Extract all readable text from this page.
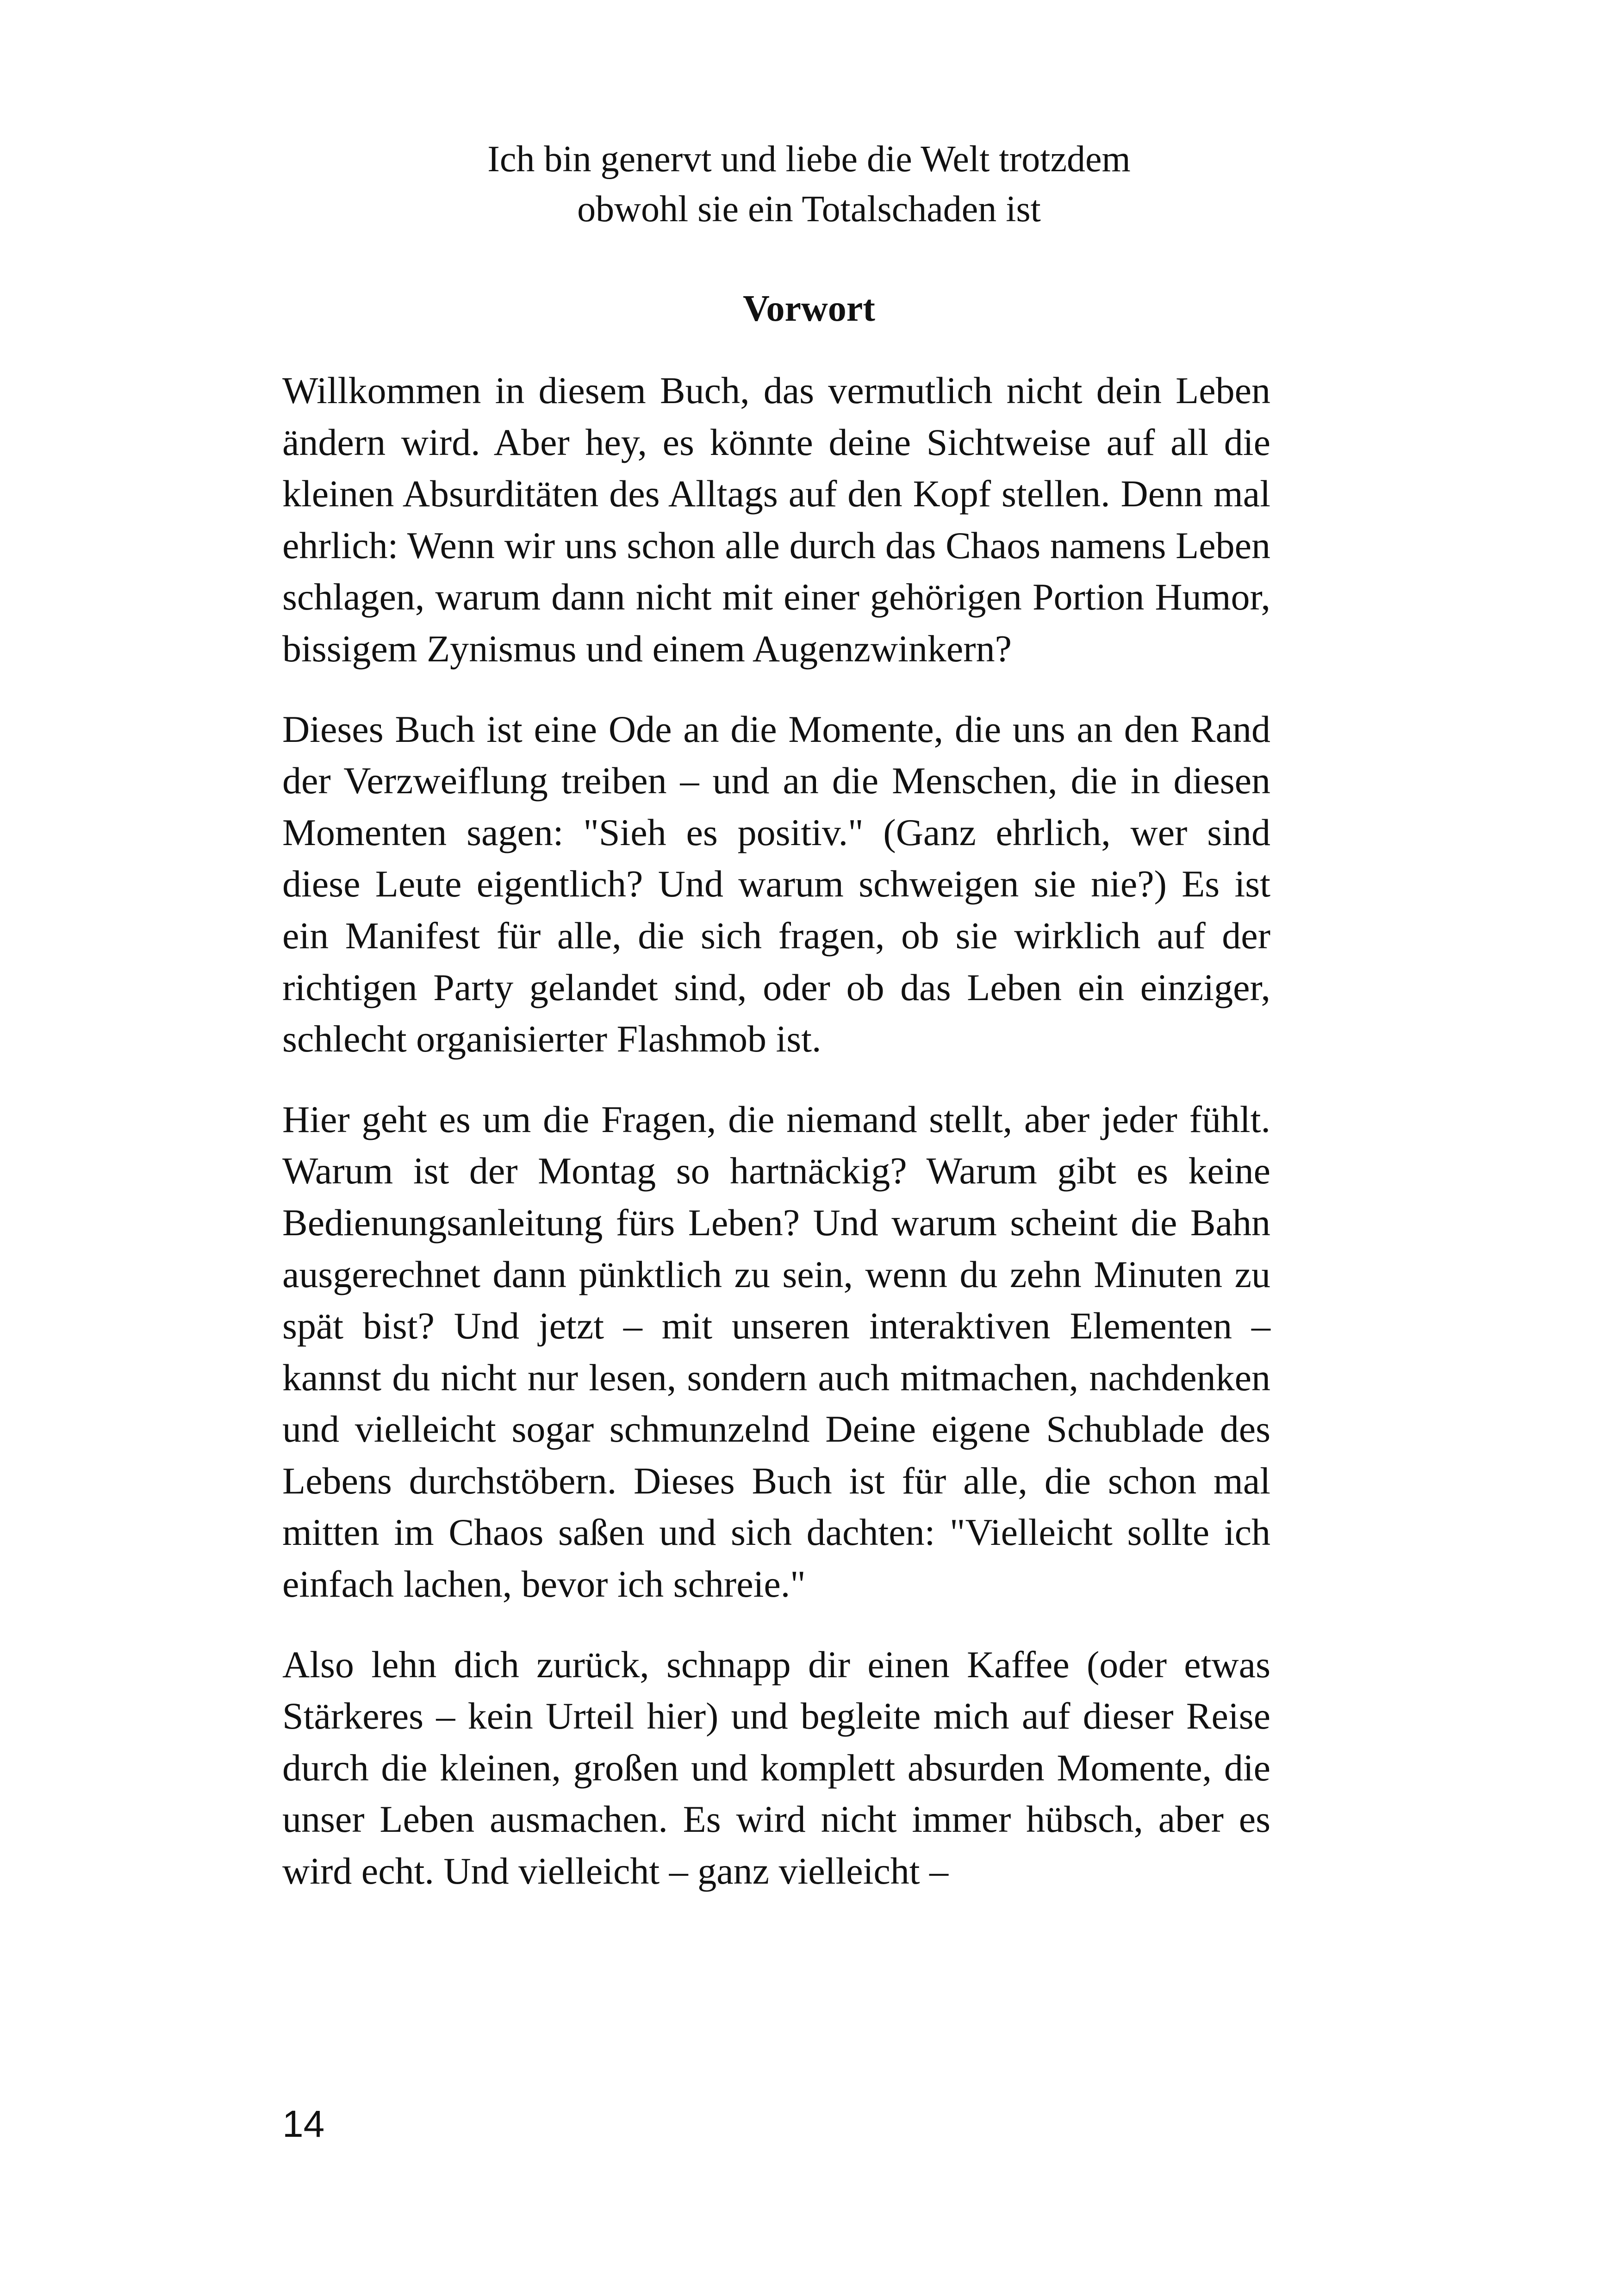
Ich bin genervt und liebe die Welt trotzdem
obwohl sie ein Totalschaden ist
Vorwort

Willkommen in diesem Buch, das vermutlich nicht dein Leben ändern wird. Aber hey, es könnte deine Sichtweise auf all die kleinen Absurditäten des Alltags auf den Kopf stellen. Denn mal ehrlich: Wenn wir uns schon alle durch das Chaos namens Leben schlagen, warum dann nicht mit einer gehörigen Portion Humor, bissigem Zynismus und einem Augenzwinkern?

Dieses Buch ist eine Ode an die Momente, die uns an den Rand der Verzweiflung treiben – und an die Menschen, die in diesen Momenten sagen: "Sieh es positiv." (Ganz ehrlich, wer sind diese Leute eigentlich? Und warum schweigen sie nie?) Es ist ein Manifest für alle, die sich fragen, ob sie wirklich auf der richtigen Party gelandet sind, oder ob das Leben ein einziger, schlecht organisierter Flashmob ist.

Hier geht es um die Fragen, die niemand stellt, aber jeder fühlt. Warum ist der Montag so hartnäckig? Warum gibt es keine Bedienungsanleitung fürs Leben? Und warum scheint die Bahn ausgerechnet dann pünktlich zu sein, wenn du zehn Minuten zu spät bist? Und jetzt – mit unseren interaktiven Elementen – kannst du nicht nur lesen, sondern auch mitmachen, nachdenken und vielleicht sogar schmunzelnd Deine eigene Schublade des Lebens durchstöbern. Dieses Buch ist für alle, die schon mal mitten im Chaos saßen und sich dachten: "Vielleicht sollte ich einfach lachen, bevor ich schreie."

Also lehn dich zurück, schnapp dir einen Kaffee (oder etwas Stärkeres – kein Urteil hier) und begleite mich auf dieser Reise durch die kleinen, großen und komplett absurden Momente, die unser Leben ausmachen. Es wird nicht immer hübsch, aber es wird echt. Und vielleicht – ganz vielleicht –

14
